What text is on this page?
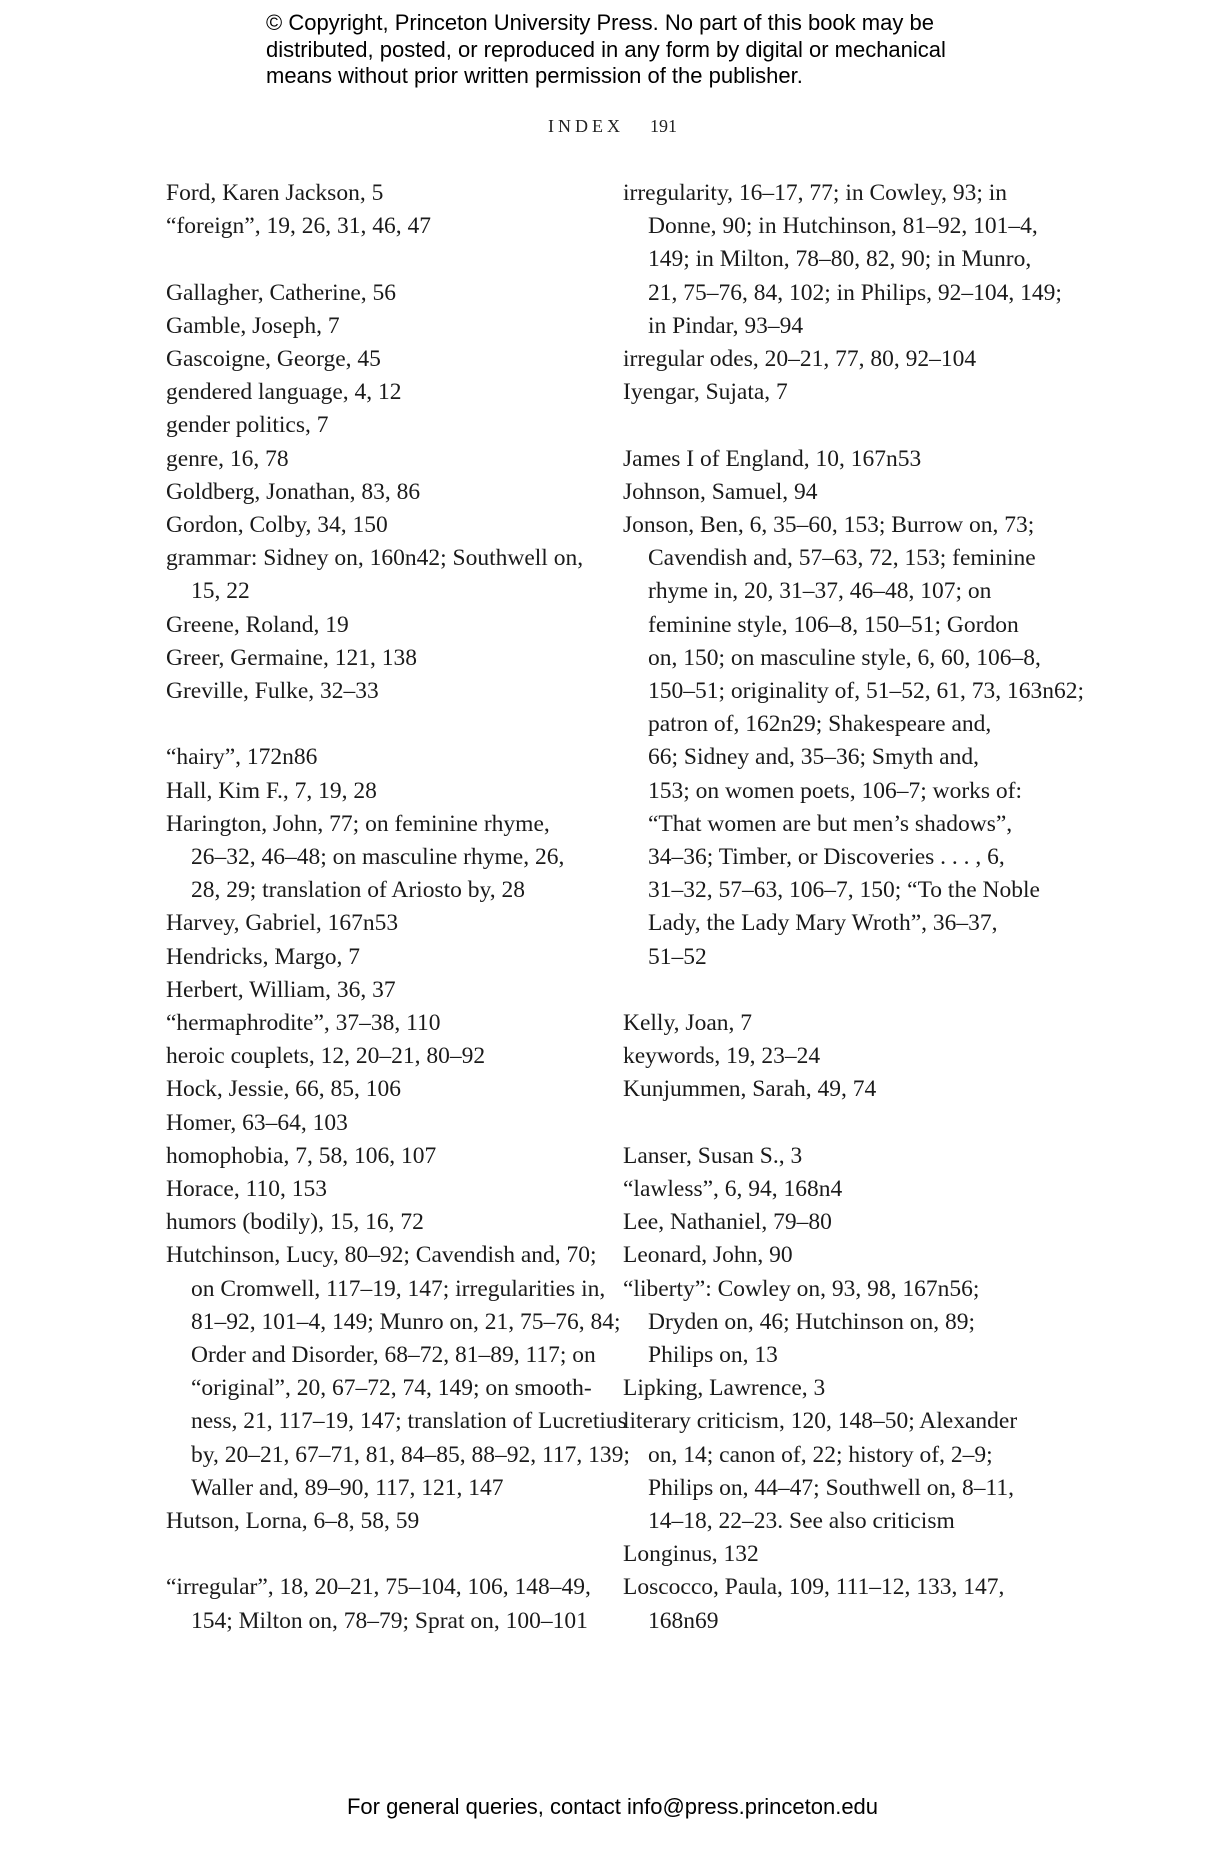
© Copyright, Princeton University Press. No part of this book may be
distributed, posted, or reproduced in any form by digital or mechanical
means without prior written permission of the publisher.
INDEX 191
Ford, Karen Jackson, 5
“foreign”, 19, 26, 31, 46, 47
Gallagher, Catherine, 56
Gamble, Joseph, 7
Gascoigne, George, 45
gendered language, 4, 12
gender politics, 7
genre, 16, 78
Goldberg, Jonathan, 83, 86
Gordon, Colby, 34, 150
grammar: Sidney on, 160n42; Southwell on,
15, 22
Greene, Roland, 19
Greer, Germaine, 121, 138
Greville, Fulke, 32–33
“hairy”, 172n86
Hall, Kim F., 7, 19, 28
Harington, John, 77; on feminine rhyme,
26–32, 46–48; on masculine rhyme, 26,
28, 29; translation of Ariosto by, 28
Harvey, Gabriel, 167n53
Hendricks, Margo, 7
Herbert, William, 36, 37
“hermaphrodite”, 37–38, 110
heroic couplets, 12, 20–21, 80–92
Hock, Jessie, 66, 85, 106
Homer, 63–64, 103
homophobia, 7, 58, 106, 107
Horace, 110, 153
humors (bodily), 15, 16, 72
Hutchinson, Lucy, 80–92; Cavendish and, 70;
on Cromwell, 117–19, 147; irregularities in,
81–92, 101–4, 149; Munro on, 21, 75–76, 84;
Order and Disorder, 68–72, 81–89, 117; on
“original”, 20, 67–72, 74, 149; on smooth-
ness, 21, 117–19, 147; translation of Lucretius
by, 20–21, 67–71, 81, 84–85, 88–92, 117, 139;
Waller and, 89–90, 117, 121, 147
Hutson, Lorna, 6–8, 58, 59
“irregular”, 18, 20–21, 75–104, 106, 148–49,
154; Milton on, 78–79; Sprat on, 100–101
irregularity, 16–17, 77; in Cowley, 93; in
Donne, 90; in Hutchinson, 81–92, 101–4,
149; in Milton, 78–80, 82, 90; in Munro,
21, 75–76, 84, 102; in Philips, 92–104, 149;
in Pindar, 93–94
irregular odes, 20–21, 77, 80, 92–104
Iyengar, Sujata, 7
James I of England, 10, 167n53
Johnson, Samuel, 94
Jonson, Ben, 6, 35–60, 153; Burrow on, 73;
Cavendish and, 57–63, 72, 153; feminine
rhyme in, 20, 31–37, 46–48, 107; on
feminine style, 106–8, 150–51; Gordon
on, 150; on masculine style, 6, 60, 106–8,
150–51; originality of, 51–52, 61, 73, 163n62;
patron of, 162n29; Shakespeare and,
66; Sidney and, 35–36; Smyth and,
153; on women poets, 106–7; works of:
“That women are but men’s shadows”,
34–36; Timber, or Discoveries . . . , 6,
31–32, 57–63, 106–7, 150; “To the Noble
Lady, the Lady Mary Wroth”, 36–37,
51–52
Kelly, Joan, 7
keywords, 19, 23–24
Kunjummen, Sarah, 49, 74
Lanser, Susan S., 3
“lawless”, 6, 94, 168n4
Lee, Nathaniel, 79–80
Leonard, John, 90
“liberty”: Cowley on, 93, 98, 167n56;
Dryden on, 46; Hutchinson on, 89;
Philips on, 13
Lipking, Lawrence, 3
literary criticism, 120, 148–50; Alexander
on, 14; canon of, 22; history of, 2–9;
Philips on, 44–47; Southwell on, 8–11,
14–18, 22–23. See also criticism
Longinus, 132
Loscocco, Paula, 109, 111–12, 133, 147,
168n69
For general queries, contact info@press.princeton.edu
